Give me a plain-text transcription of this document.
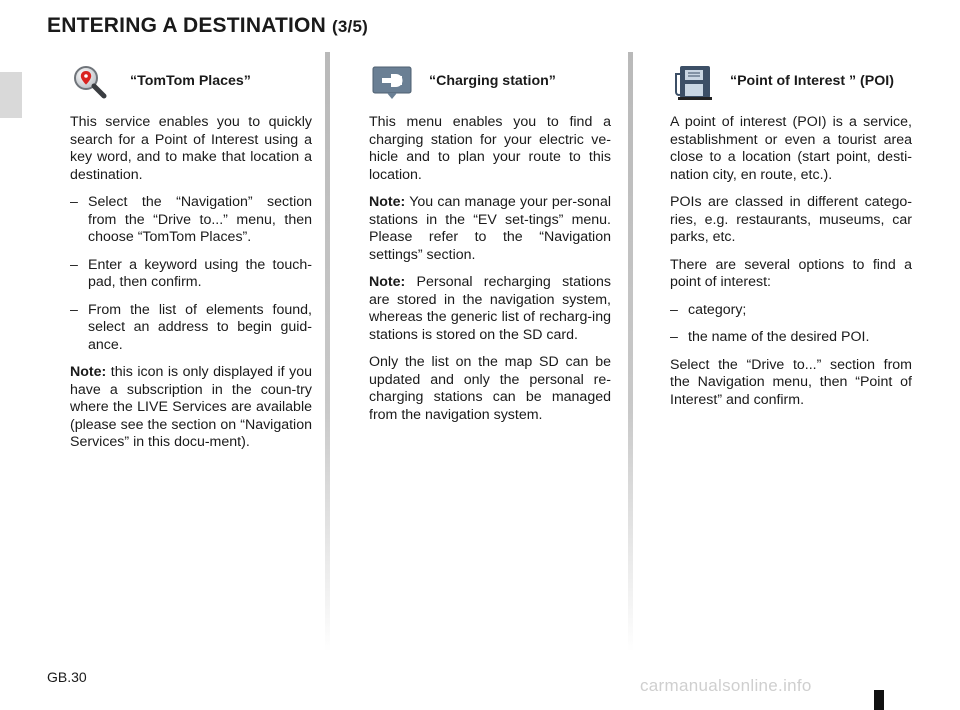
ENTERING A DESTINATION (3/5)
“TomTom Places”

This service enables you to quickly search for a Point of Interest using a key word, and to make that location a destination.

– Select the “Navigation” section from the “Drive to...” menu, then choose “TomTom Places”.
– Enter a keyword using the touch-pad, then confirm.
– From the list of elements found, select an address to begin guid-ance.

Note: this icon is only displayed if you have a subscription in the coun-try where the LIVE Services are available (please see the section on “Navigation Services” in this docu-ment).

“Charging station”

This menu enables you to find a charging station for your electric ve-hicle and to plan your route to this location.

Note: You can manage your per-sonal stations in the “EV set-tings” menu. Please refer to the “Navigation settings” section.

Note: Personal recharging stations are stored in the navigation system, whereas the generic list of recharg-ing stations is stored on the SD card.

Only the list on the map SD can be updated and only the personal re-charging stations can be managed from the navigation system.

“Point of Interest ” (POI)

A point of interest (POI) is a service, establishment or even a tourist area close to a location (start point, desti-nation city, en route, etc.).

POIs are classed in different catego-ries, e.g. restaurants, museums, car parks, etc.

There are several options to find a point of interest:

– category;
– the name of the desired POI.

Select the “Drive to...” section from the Navigation menu, then “Point of Interest” and confirm.

GB.30	carmanualsonline.info
